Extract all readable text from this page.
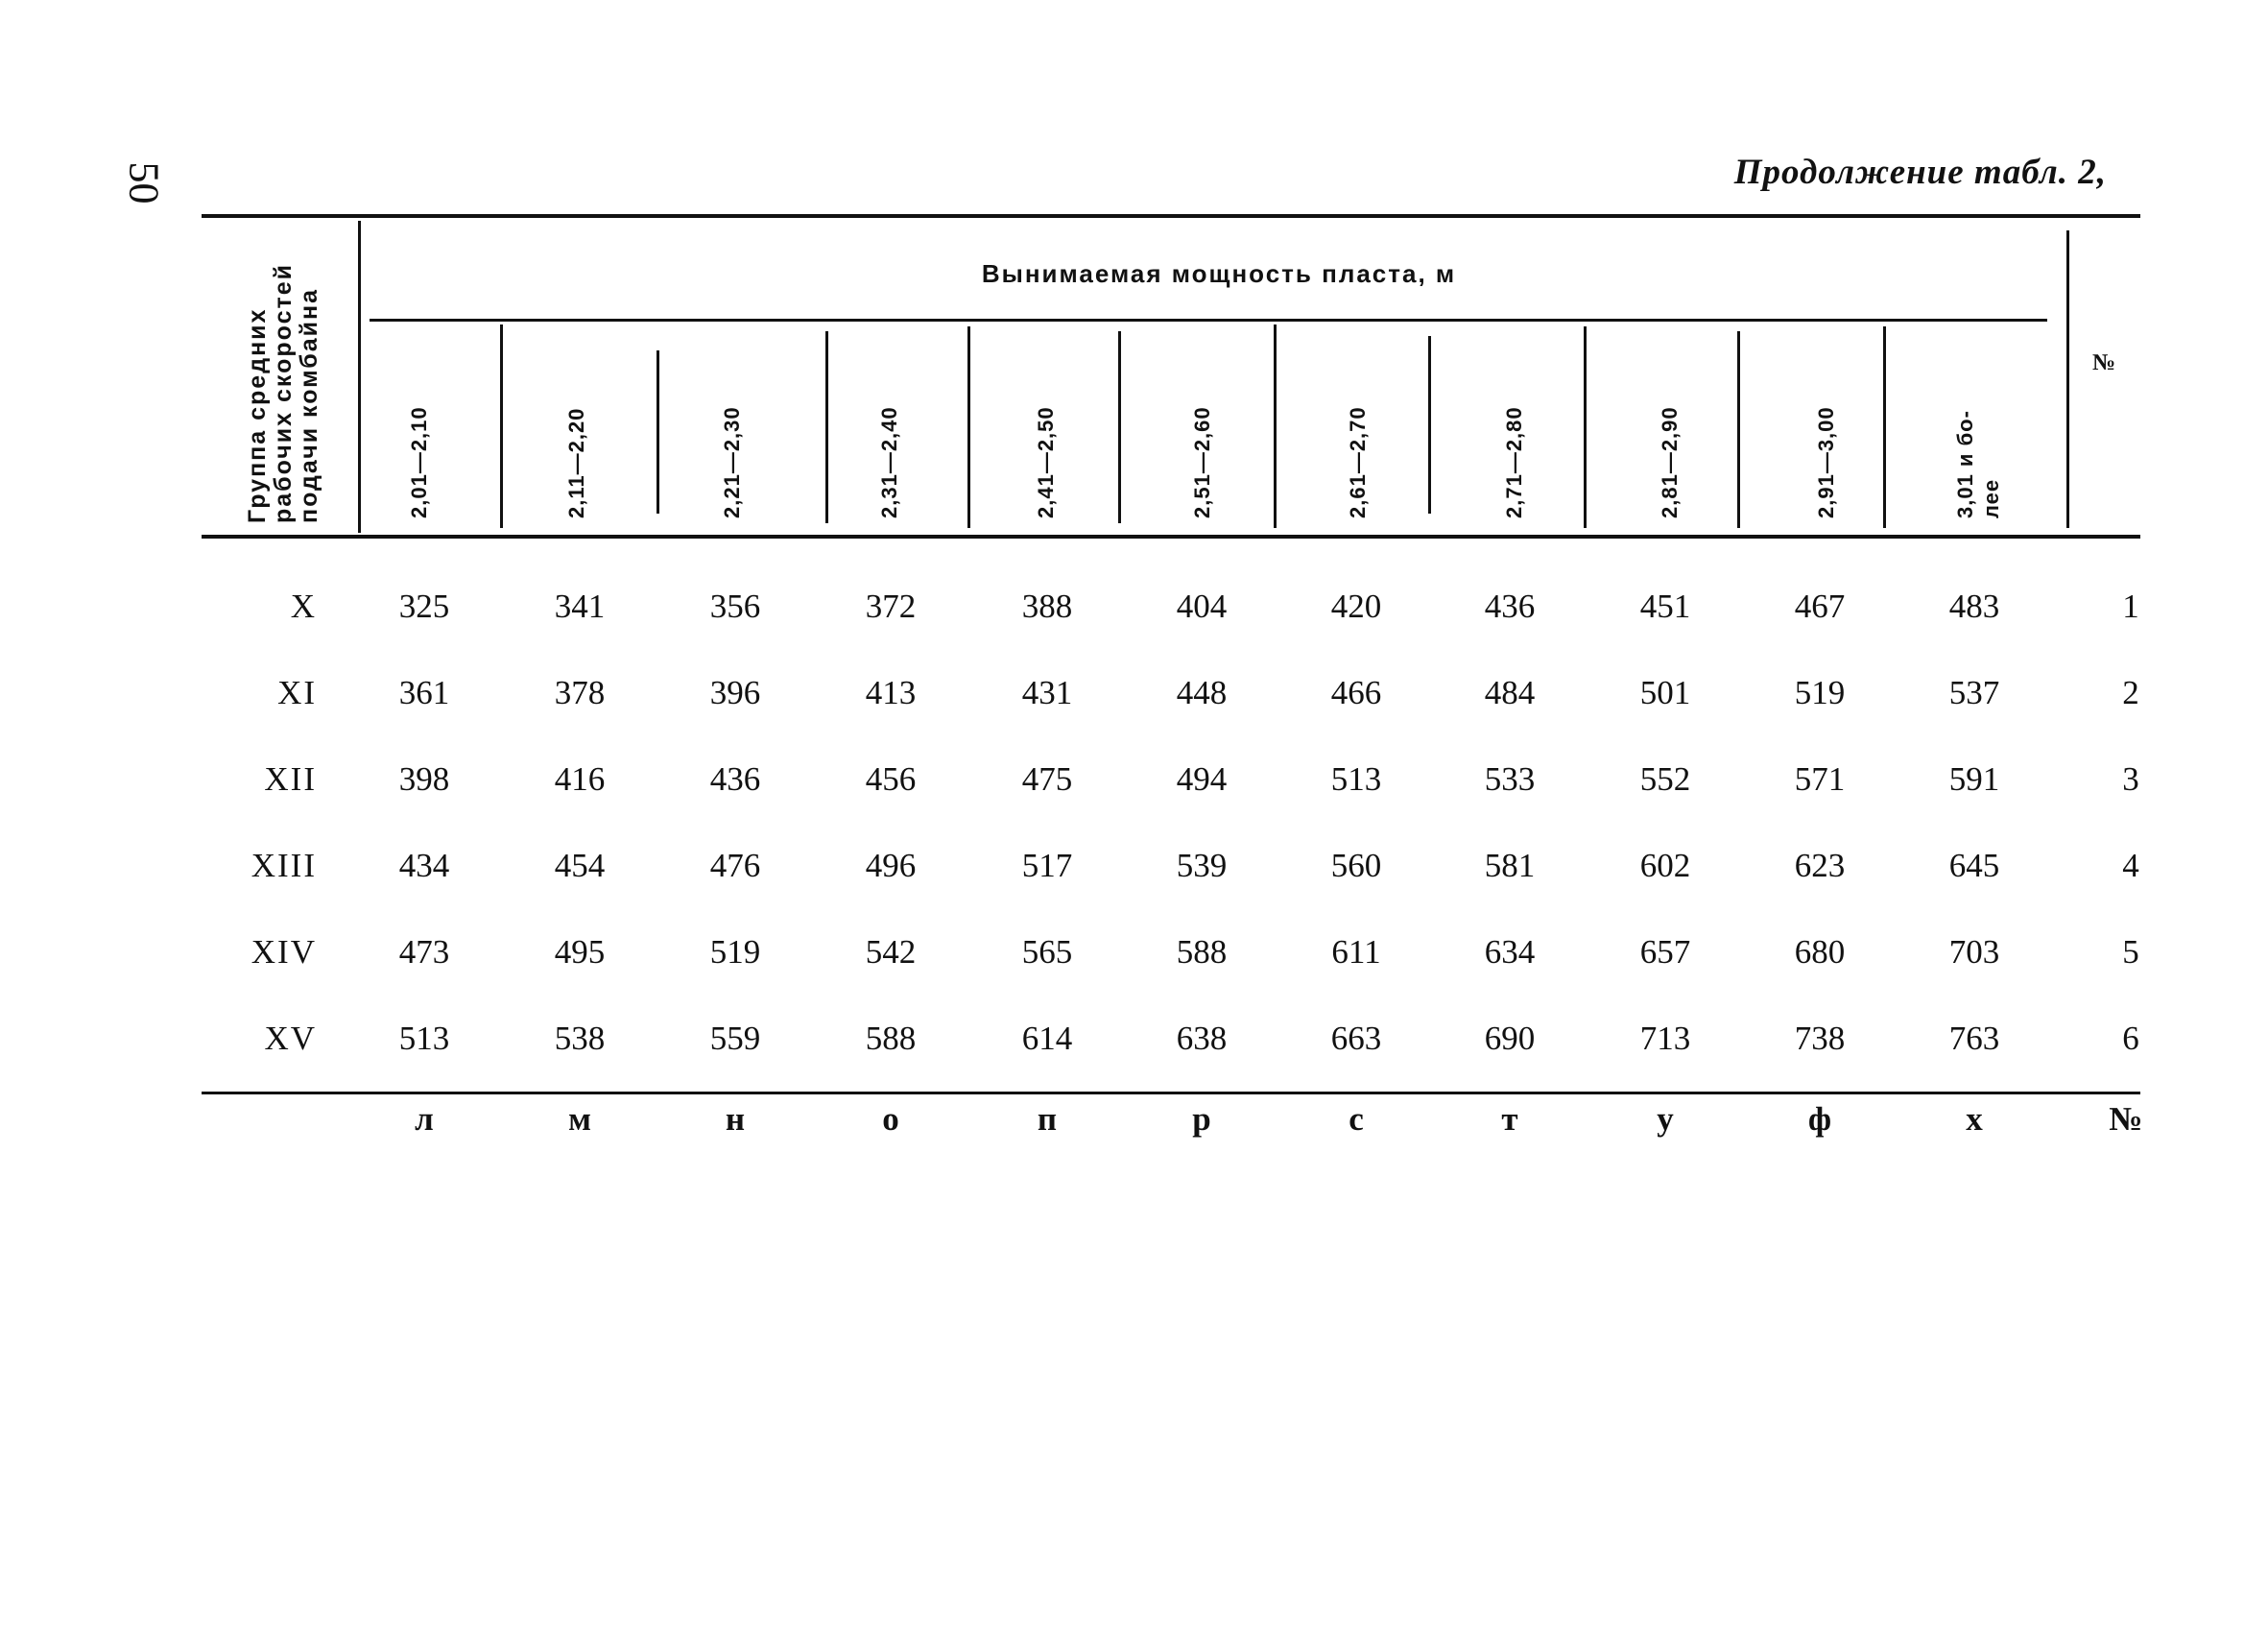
50	Продолжение табл. 2,
Группа средних рабочих скоростей подачи комбайна
Вынимаемая мощность пласта, м
№
2,01—2,10	2,11—2,20	2,21—2,30	2,31—2,40	2,41—2,50	2,51—2,60	2,61—2,70	2,71—2,80	2,81—2,90	2,91—3,00	3,01 и бо- лее
X	325	341	356	372	388	404	420	436	451	467	483	1
XI	361	378	396	413	431	448	466	484	501	519	537	2
XII	398	416	436	456	475	494	513	533	552	571	591	3
XIII	434	454	476	496	517	539	560	581	602	623	645	4
XIV	473	495	519	542	565	588	611	634	657	680	703	5
XV	513	538	559	588	614	638	663	690	713	738	763	6
л	м	н	о	п	р	с	т	у	ф	х	№
